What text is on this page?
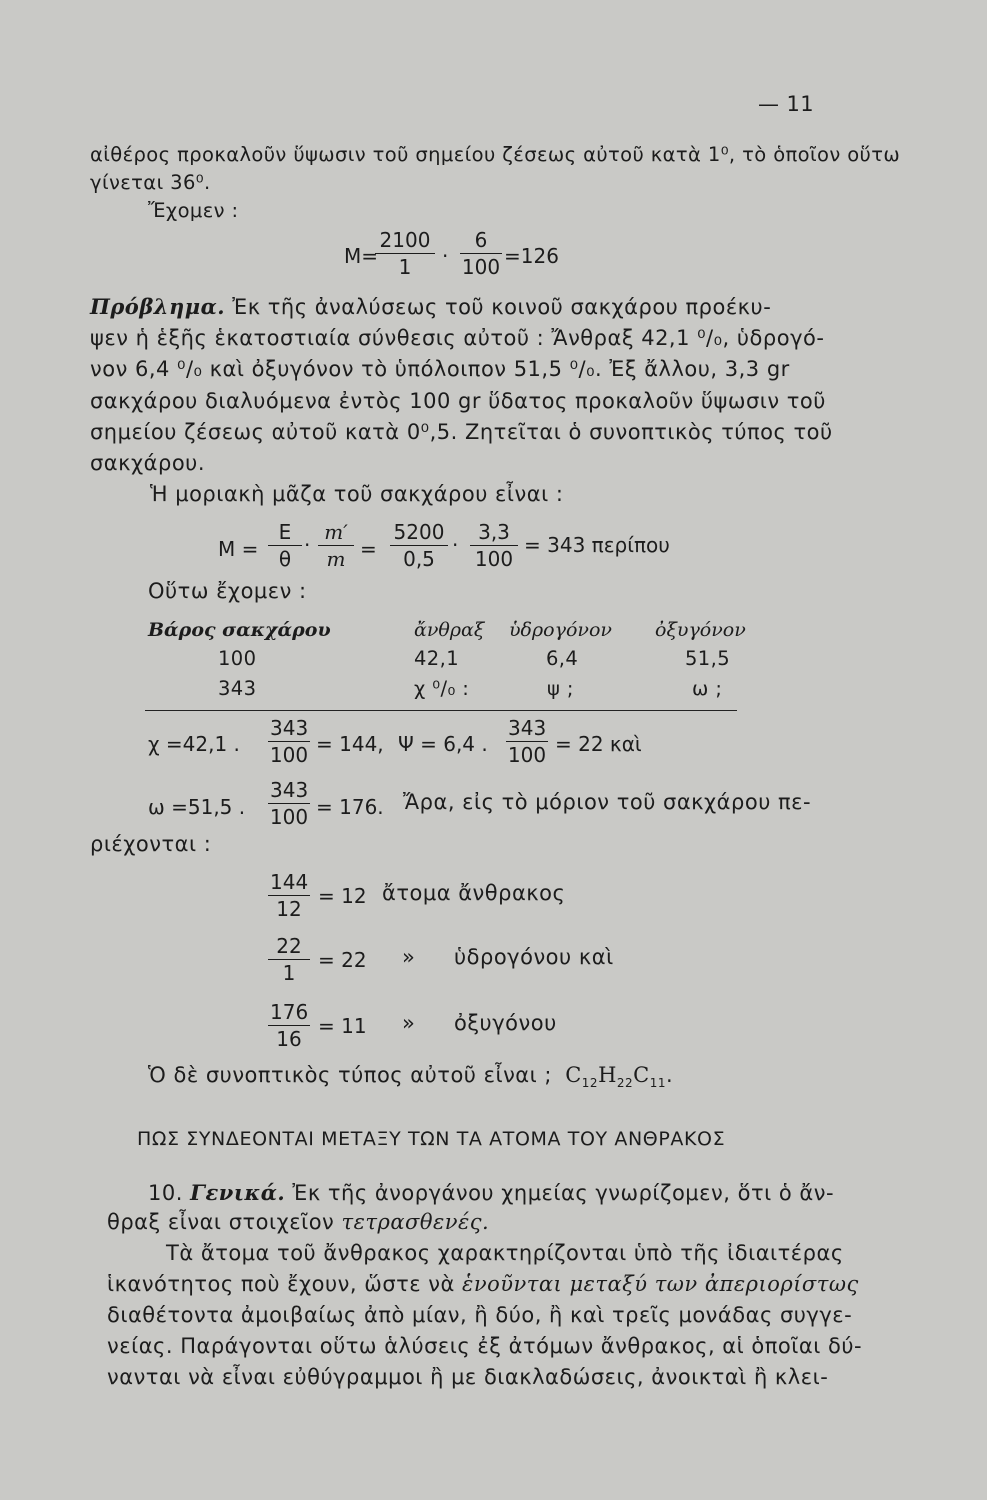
— 11
αἰθέρος προκαλοῦν ὕψωσιν τοῦ σημείου ζέσεως αὐτοῦ κατὰ 1⁰, τὸ ὁποῖον οὕτω
γίνεται 36⁰.
Ἔχομεν :
M=
$\frac{2100}{1} \cdot \frac{6}{100} =126$
Πρόβλημα. Ἐκ τῆς ἀναλύσεως τοῦ κοινοῦ σακχάρου προέκυ-
ψεν ἡ ἑξῆς ἑκατοστιαία σύνθεσις αὐτοῦ : Ἄνθραξ 42,1 ⁰/₀, ὑδρογό-
νον 6,4 ⁰/₀ καὶ ὀξυγόνον τὸ ὑπόλοιπον 51,5 ⁰/₀. Ἐξ ἄλλου, 3,3 gr
σακχάρου διαλυόμενα ἐντὸς 100 gr ὕδατος προκαλοῦν ὕψωσιν τοῦ
σημείου ζέσεως αὐτοῦ κατὰ 0⁰,5. Ζητεῖται ὁ συνοπτικὸς τύπος τοῦ
σακχάρου.
Ἡ μοριακὴ μᾶζα τοῦ σακχάρου εἶναι :
$M = \frac{E}{\theta} \cdot \frac{m'}{m} = \frac{5200}{0,5} \cdot \frac{3,3}{100} = 343$ περίπου
Οὕτω ἔχομεν :
Βάρος σακχάρου	ἄνθραξ ὑδρογόνον ὀξυγόνον
100	42,1	6,4	51,5
343	χ ⁰/₀ :	ψ ;	ω ;
χ =42,1 . $\frac{343}{100} = 144$, Ψ = 6,4 . $\frac{343}{100} = 22$ καὶ
ω =51,5 . $\frac{343}{100} = 176$. Ἄρα, εἰς τὸ μόριον τοῦ σακχάρου πε-
ριέχονται :
$\frac{144}{12} = 12$ ἄτομα ἄνθρακος
$\frac{22}{1} = 22$ » ὑδρογόνου καὶ
$\frac{176}{16} = 11$ » ὀξυγόνου
Ὁ δὲ συνοπτικὸς τύπος αὐτοῦ εἶναι ; $C_{12}H_{22}C_{11}$.
ΠΩΣ ΣΥΝΔΕΟΝΤΑΙ ΜΕΤΑΞΥ ΤΩΝ ΤΑ ΑΤΟΜΑ ΤΟΥ ΑΝΘΡΑΚΟΣ
10. Γενικά. Ἐκ τῆς ἀνοργάνου χημείας γνωρίζομεν, ὅτι ὁ ἄν-
θραξ εἶναι στοιχεῖον τετρασθενές.
Τὰ ἄτομα τοῦ ἄνθρακος χαρακτηρίζονται ὑπὸ τῆς ἰδιαιτέρας
ἱκανότητος ποὺ ἔχουν, ὥστε νὰ ἑνοῦνται μεταξύ των ἀπεριορίστως
διαθέτοντα ἀμοιβαίως ἀπὸ μίαν, ἢ δύο, ἢ καὶ τρεῖς μονάδας συγγε-
νείας. Παράγονται οὕτω ἁλύσεις ἐξ ἀτόμων ἄνθρακος, αἱ ὁποῖαι δύ-
νανται νὰ εἶναι εὐθύγραμμοι ἢ με διακλαδώσεις, ἀνοικταὶ ἢ κλει-
